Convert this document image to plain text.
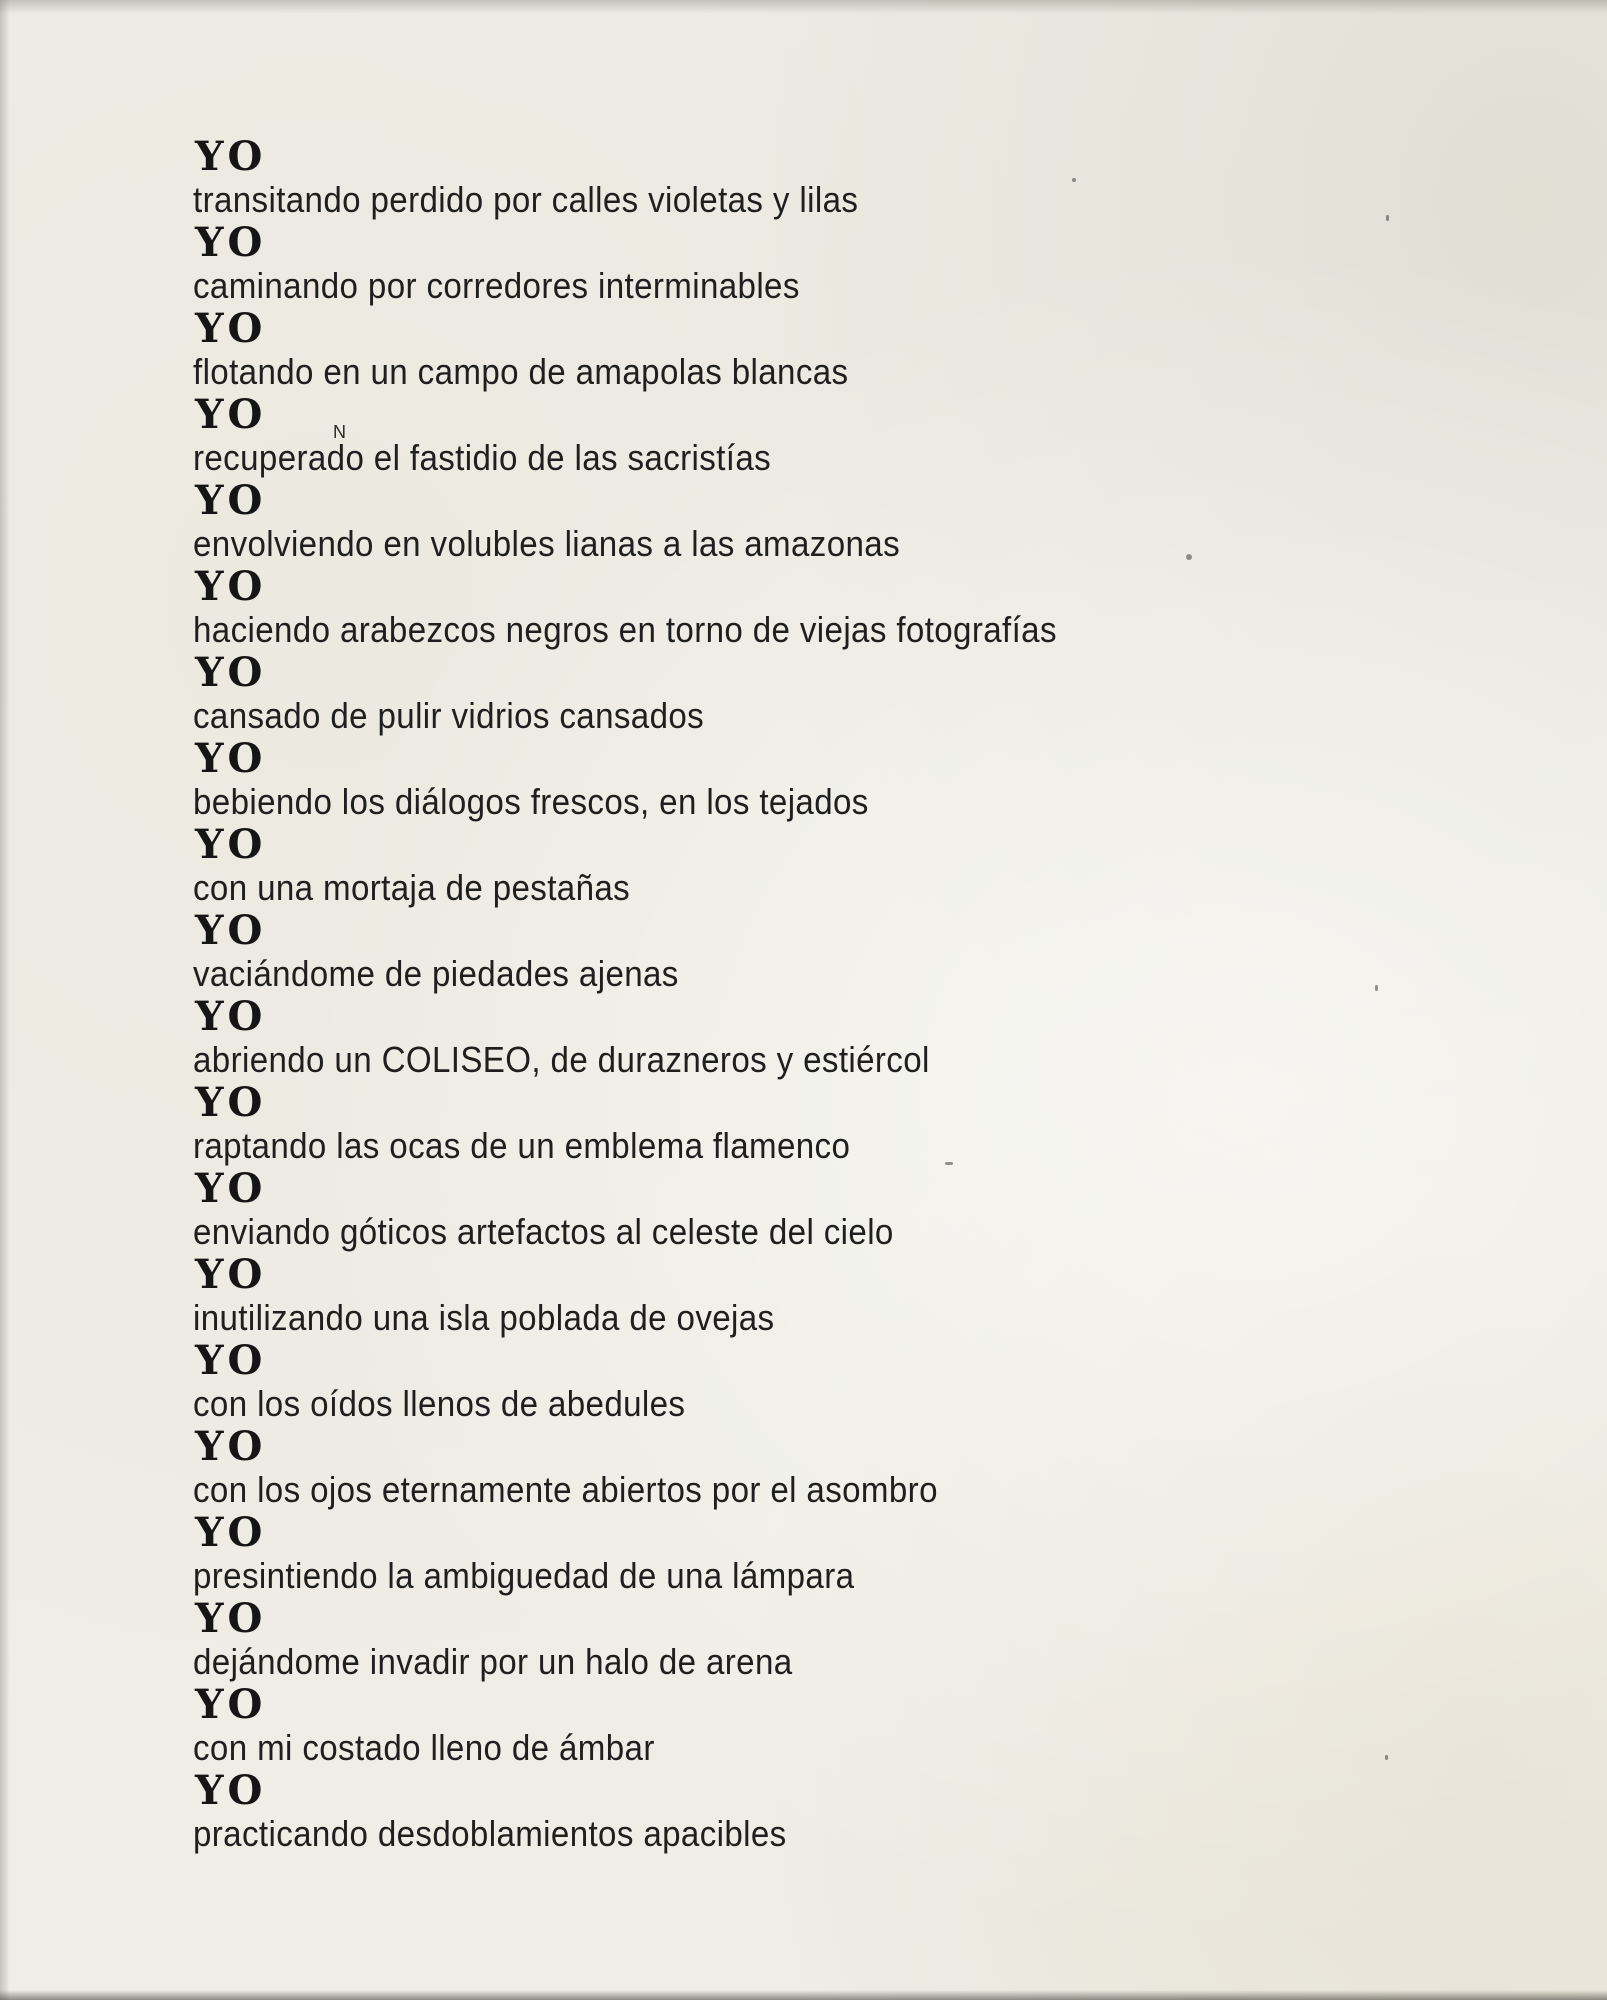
N
YO
transitando perdido por calles violetas y lilas
YO
caminando por corredores interminables
YO
flotando en un campo de amapolas blancas
YO
recuperado el fastidio de las sacristías
YO
envolviendo en volubles lianas a las amazonas
YO
haciendo arabezcos negros en torno de viejas fotografías
YO
cansado de pulir vidrios cansados
YO
bebiendo los diálogos frescos, en los tejados
YO
con una mortaja de pestañas
YO
vaciándome de piedades ajenas
YO
abriendo un COLISEO, de durazneros y estiércol
YO
raptando las ocas de un emblema flamenco
YO
enviando góticos artefactos al celeste del cielo
YO
inutilizando una isla poblada de ovejas
YO
con los oídos llenos de abedules
YO
con los ojos eternamente abiertos por el asombro
YO
presintiendo la ambiguedad de una lámpara
YO
dejándome invadir por un halo de arena
YO
con mi costado lleno de ámbar
YO
practicando desdoblamientos apacibles
